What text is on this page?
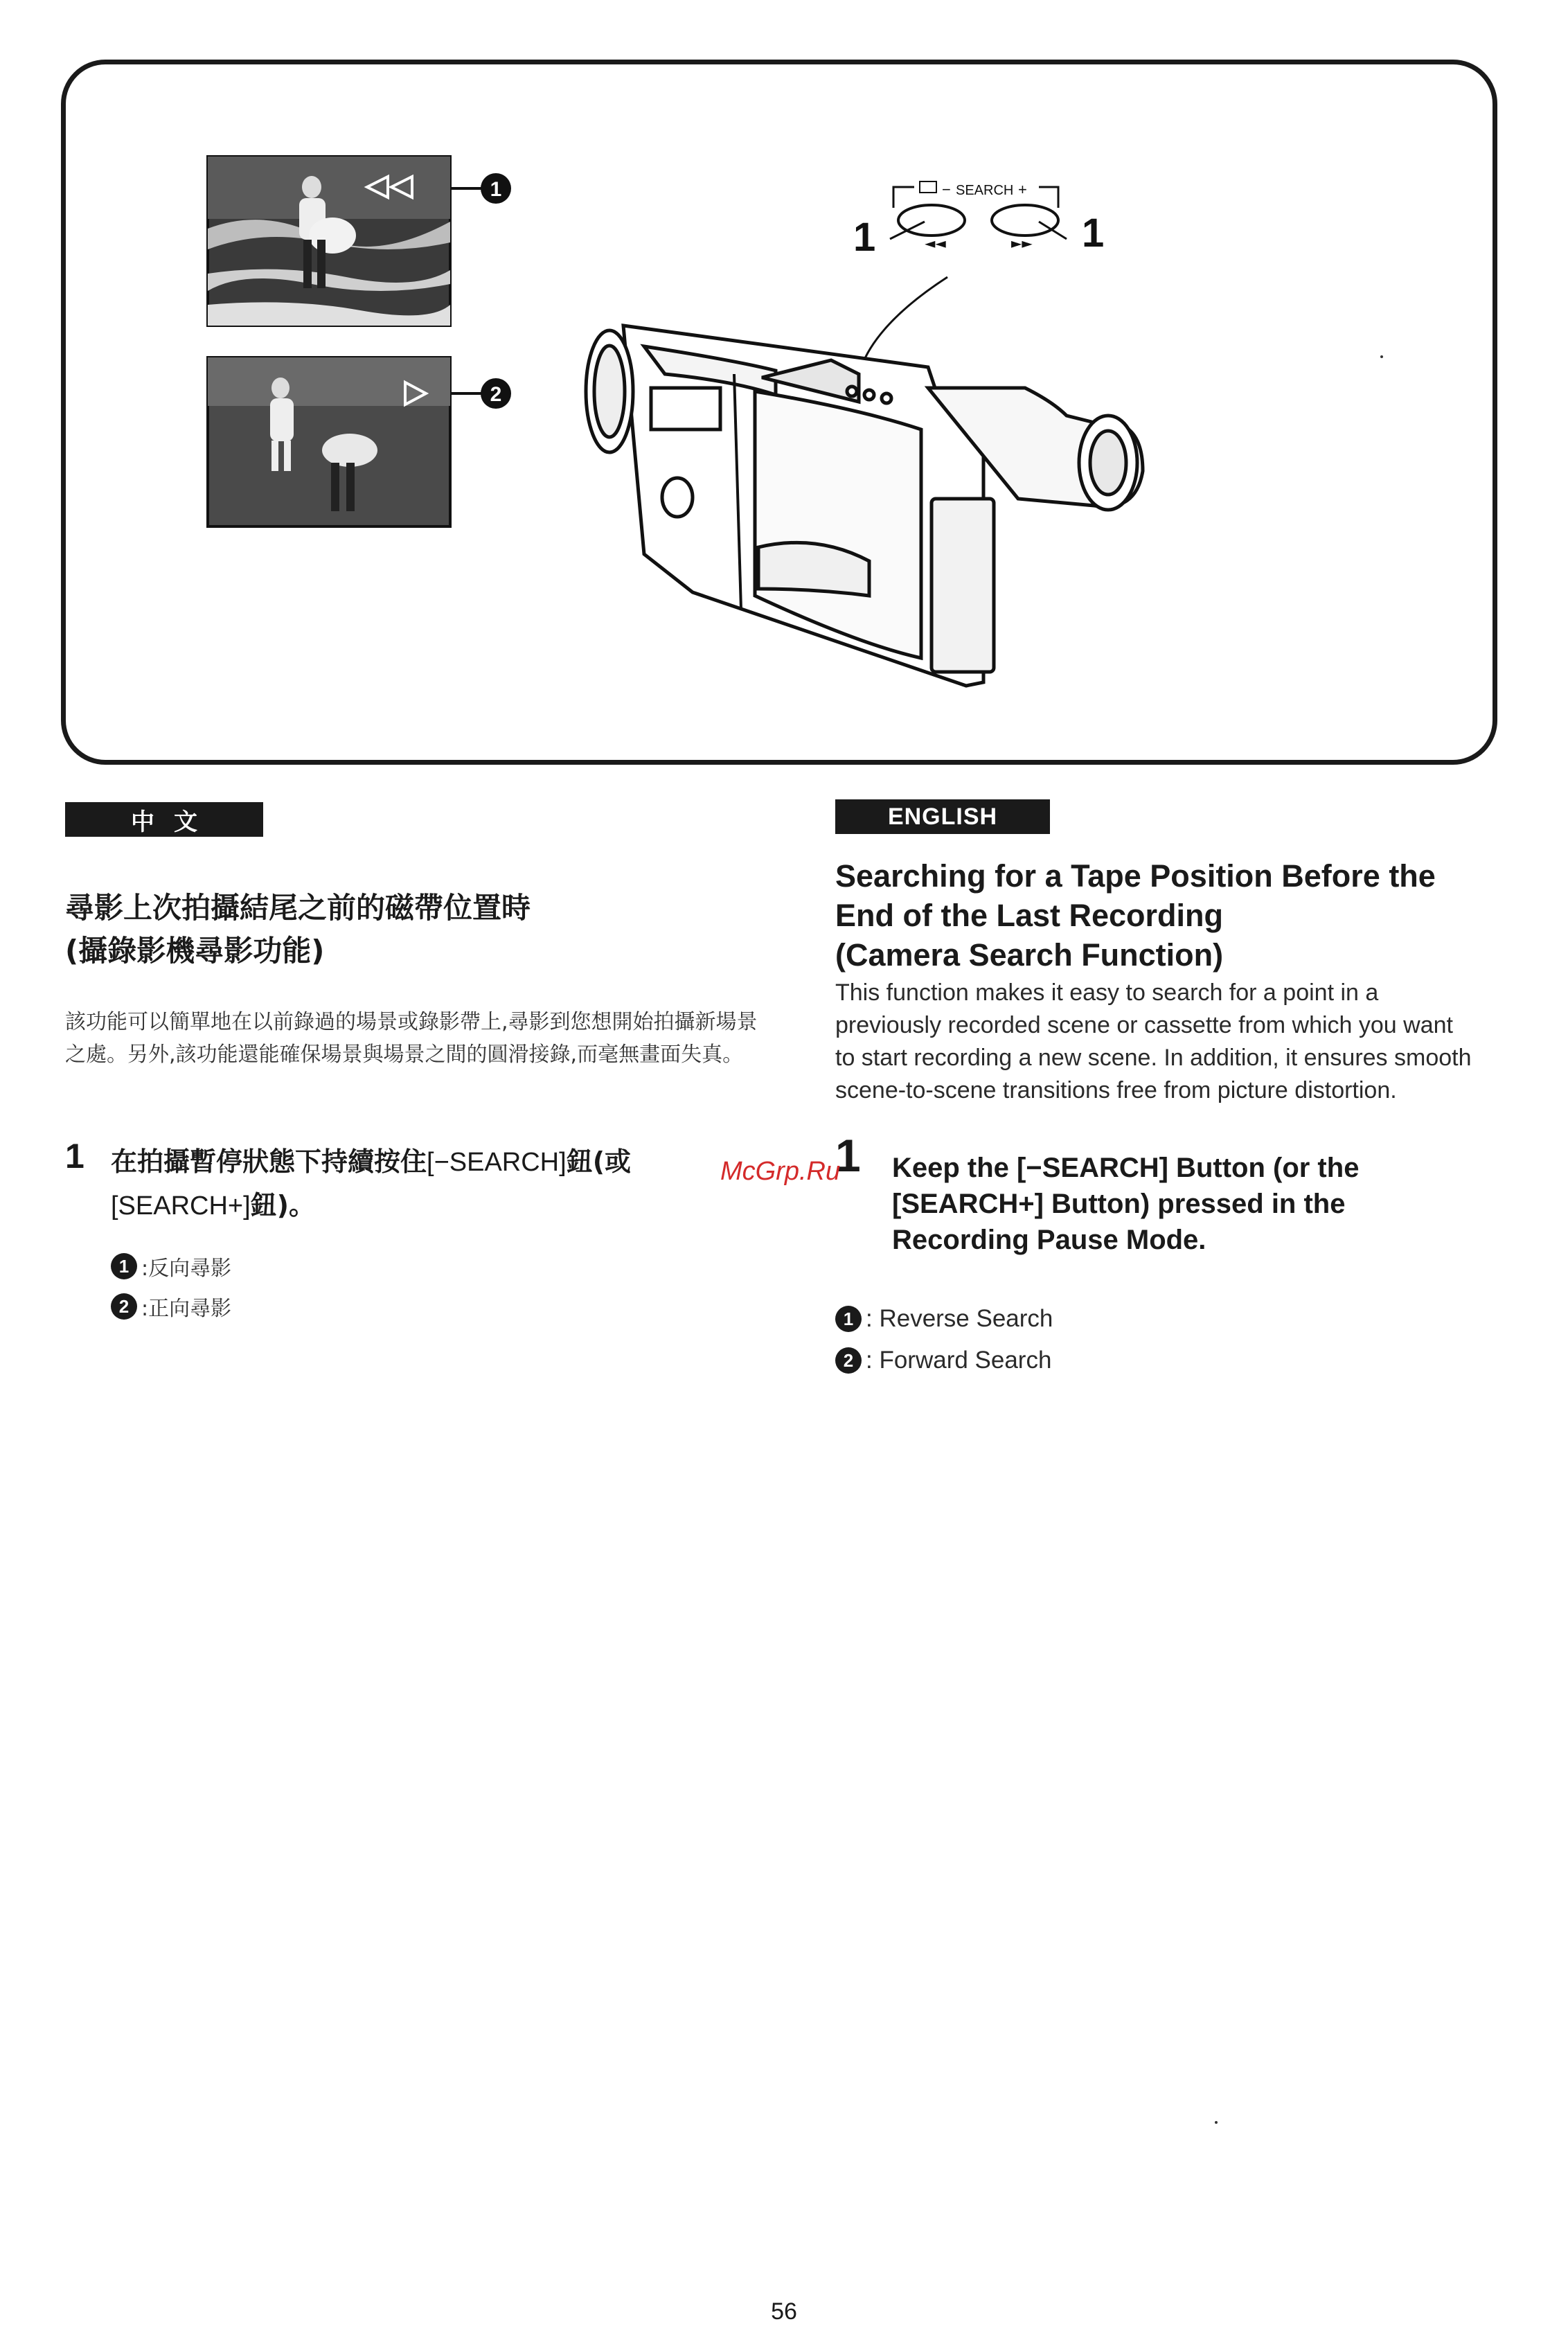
1
2
− SEARCH +
◄◄	►►
1	1
中文	ENGLISH
尋影上次拍攝結尾之前的磁帶位置時
(攝錄影機尋影功能)
該功能可以簡單地在以前錄過的場景或錄影帶上,尋影到您想開始拍攝新場景之處。另外,該功能還能確保場景與場景之間的圓滑接錄,而毫無畫面失真。
1 在拍攝暫停狀態下持續按住[−SEARCH]鈕(或
[SEARCH+]鈕)。
1 :反向尋影
2 :正向尋影
Searching for a Tape Position Before the
End of the Last Recording
(Camera Search Function)
This function makes it easy to search for a point in a previously recorded scene or cassette from which you want to start recording a new scene. In addition, it ensures smooth scene-to-scene transitions free from picture distortion.
1 Keep the [−SEARCH] Button (or the [SEARCH+] Button) pressed in the Recording Pause Mode.
1 : Reverse Search
2 : Forward Search
McGrp.Ru
56
